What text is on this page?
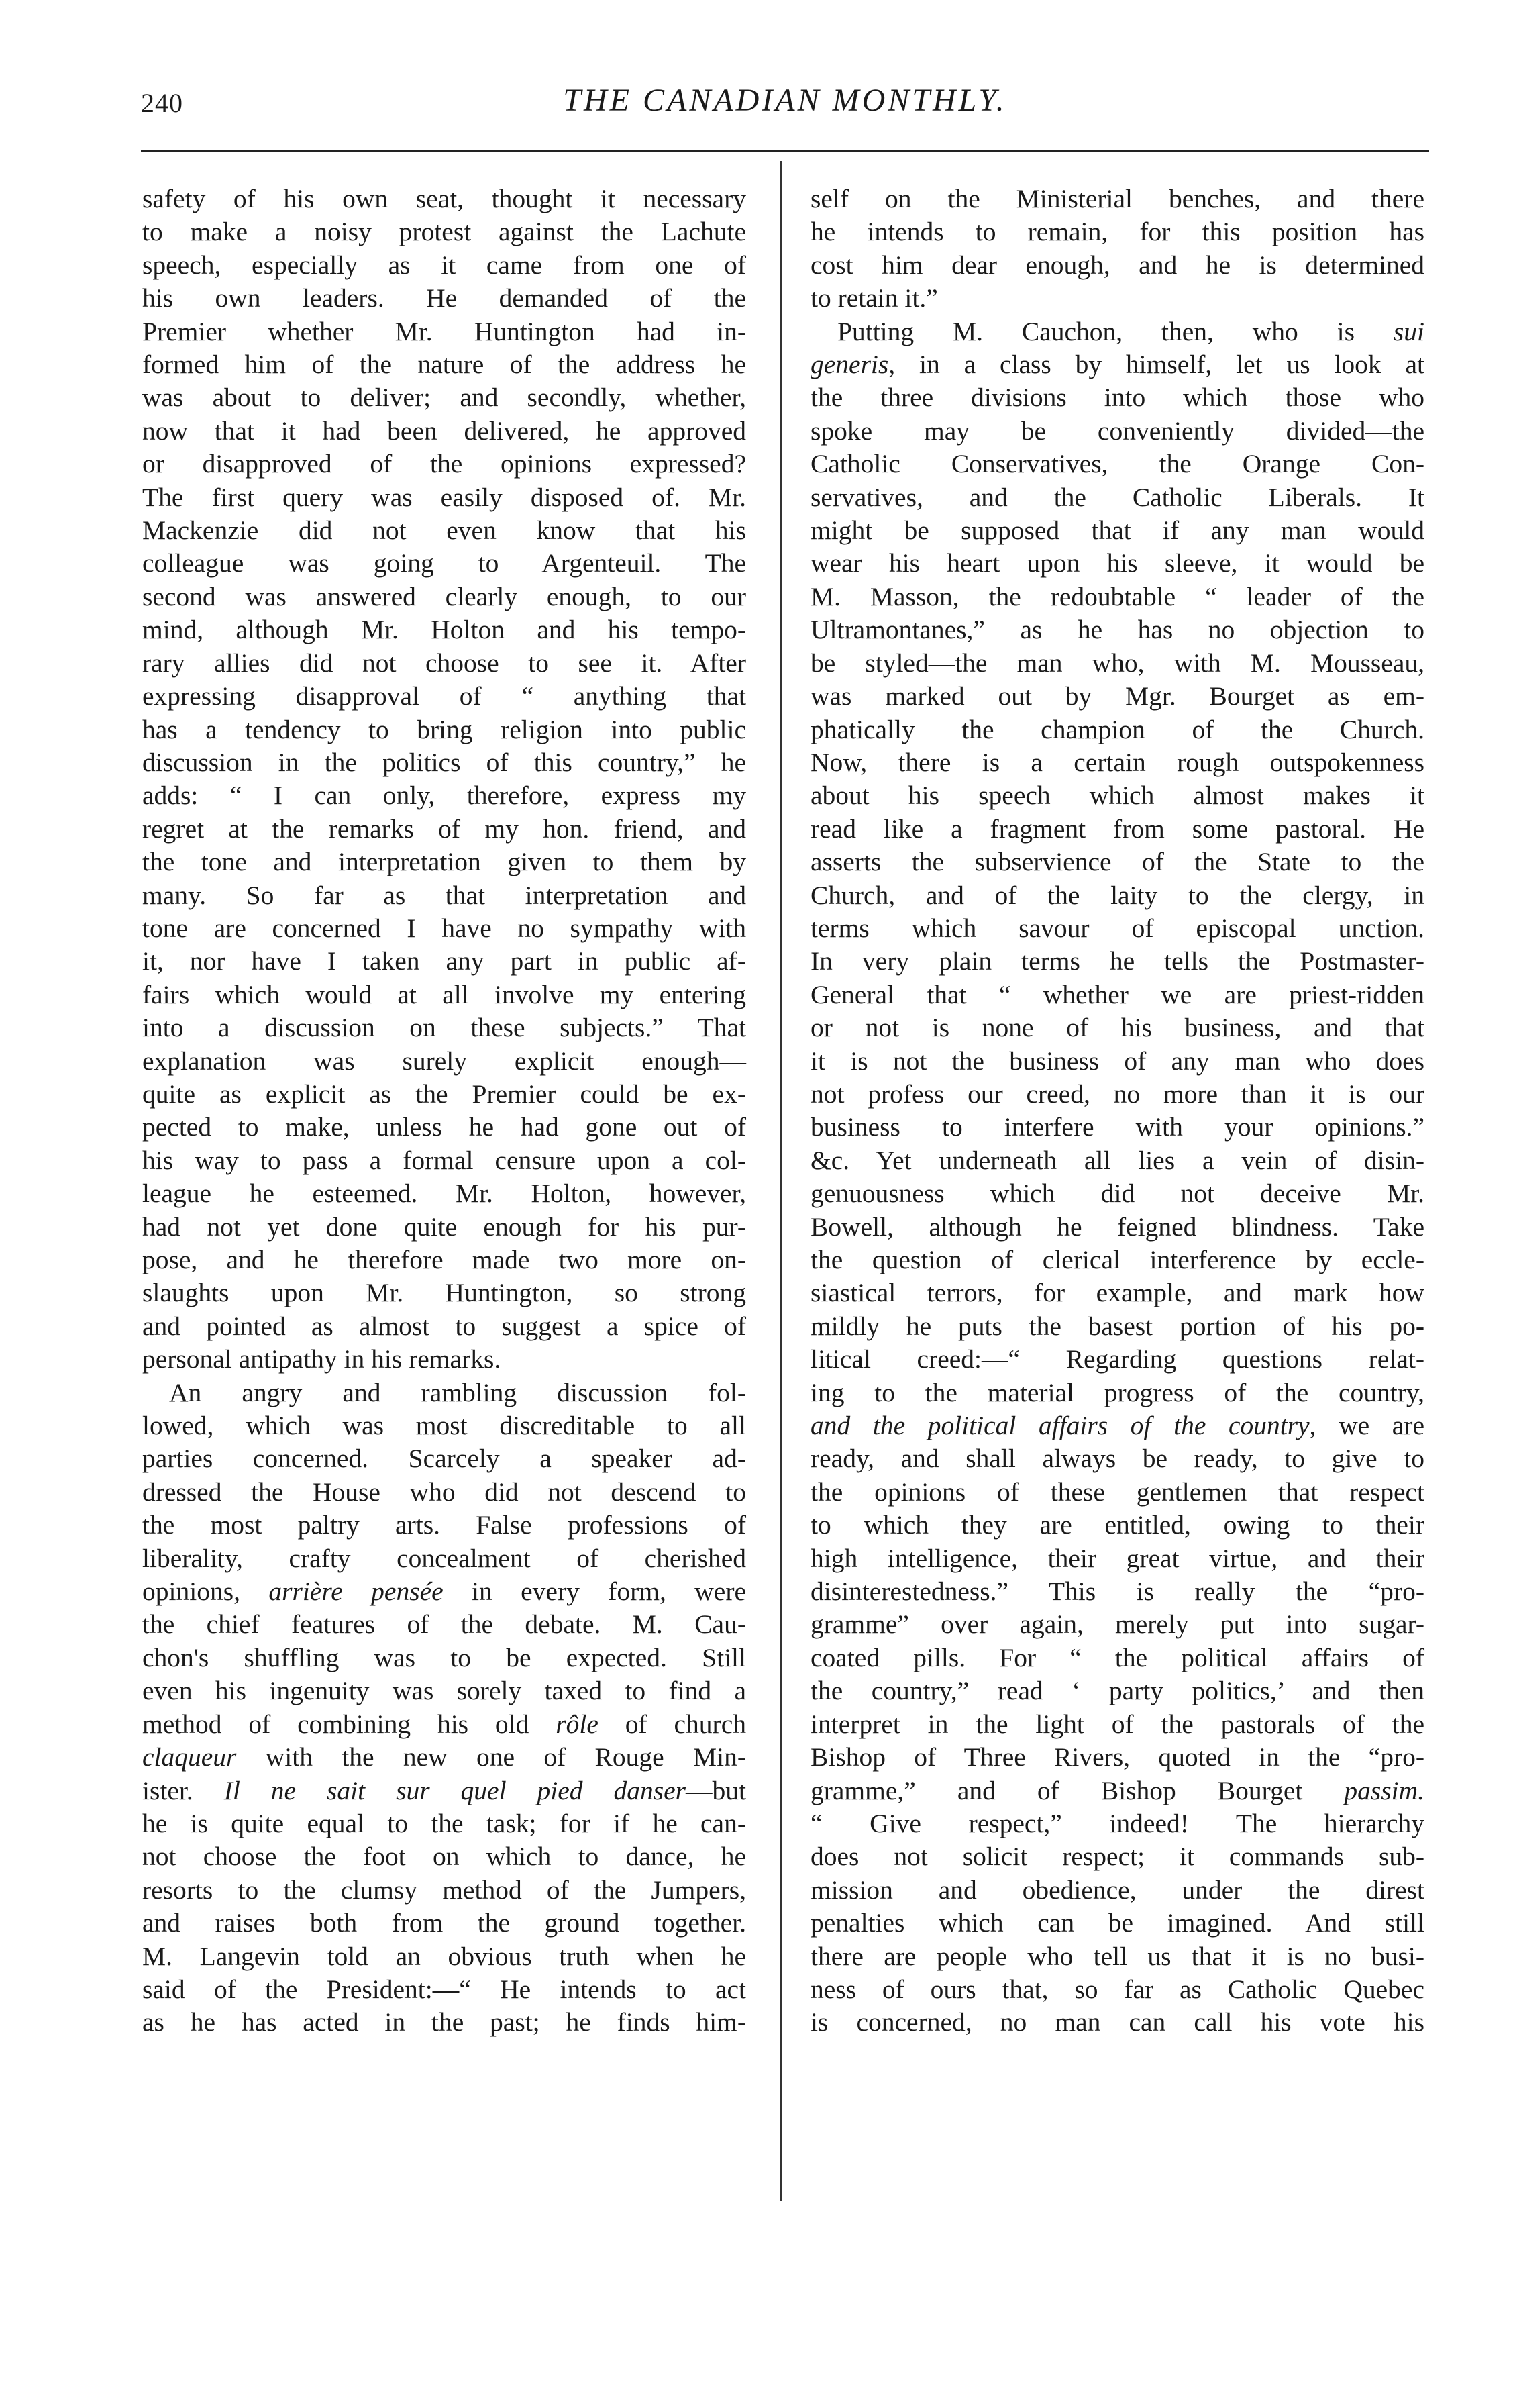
240	THE CANADIAN MONTHLY.

safety of his own seat, thought it necessary
to make a noisy protest against the Lachute
speech, especially as it came from one of
his own leaders. He demanded of the
Premier whether Mr. Huntington had in-
formed him of the nature of the address he
was about to deliver; and secondly, whether,
now that it had been delivered, he approved
or disapproved of the opinions expressed?
The first query was easily disposed of. Mr.
Mackenzie did not even know that his
colleague was going to Argenteuil. The
second was answered clearly enough, to our
mind, although Mr. Holton and his tempo-
rary allies did not choose to see it. After
expressing disapproval of “ anything that
has a tendency to bring religion into public
discussion in the politics of this country,” he
adds: “ I can only, therefore, express my
regret at the remarks of my hon. friend, and
the tone and interpretation given to them by
many. So far as that interpretation and
tone are concerned I have no sympathy with
it, nor have I taken any part in public af-
fairs which would at all involve my entering
into a discussion on these subjects.” That
explanation was surely explicit enough—
quite as explicit as the Premier could be ex-
pected to make, unless he had gone out of
his way to pass a formal censure upon a col-
league he esteemed. Mr. Holton, however,
had not yet done quite enough for his pur-
pose, and he therefore made two more on-
slaughts upon Mr. Huntington, so strong
and pointed as almost to suggest a spice of
personal antipathy in his remarks.

An angry and rambling discussion fol-
lowed, which was most discreditable to all
parties concerned. Scarcely a speaker ad-
dressed the House who did not descend to
the most paltry arts. False professions of
liberality, crafty concealment of cherished
opinions, arrière pensée in every form, were
the chief features of the debate. M. Cau-
chon's shuffling was to be expected. Still
even his ingenuity was sorely taxed to find a
method of combining his old rôle of church
claqueur with the new one of Rouge Min-
ister. Il ne sait sur quel pied danser—but
he is quite equal to the task; for if he can-
not choose the foot on which to dance, he
resorts to the clumsy method of the Jumpers,
and raises both from the ground together.
M. Langevin told an obvious truth when he
said of the President:—“ He intends to act
as he has acted in the past; he finds him-

self on the Ministerial benches, and there
he intends to remain, for this position has
cost him dear enough, and he is determined
to retain it.”

Putting M. Cauchon, then, who is sui
generis, in a class by himself, let us look at
the three divisions into which those who
spoke may be conveniently divided—the
Catholic Conservatives, the Orange Con-
servatives, and the Catholic Liberals. It
might be supposed that if any man would
wear his heart upon his sleeve, it would be
M. Masson, the redoubtable “ leader of the
Ultramontanes,” as he has no objection to
be styled—the man who, with M. Mousseau,
was marked out by Mgr. Bourget as em-
phatically the champion of the Church.
Now, there is a certain rough outspokenness
about his speech which almost makes it
read like a fragment from some pastoral. He
asserts the subservience of the State to the
Church, and of the laity to the clergy, in
terms which savour of episcopal unction.
In very plain terms he tells the Postmaster-
General that “ whether we are priest-ridden
or not is none of his business, and that
it is not the business of any man who does
not profess our creed, no more than it is our
business to interfere with your opinions.”
&c. Yet underneath all lies a vein of disin-
genuousness which did not deceive Mr.
Bowell, although he feigned blindness. Take
the question of clerical interference by eccle-
siastical terrors, for example, and mark how
mildly he puts the basest portion of his po-
litical creed:—“ Regarding questions relat-
ing to the material progress of the country,
and the political affairs of the country, we are
ready, and shall always be ready, to give to
the opinions of these gentlemen that respect
to which they are entitled, owing to their
high intelligence, their great virtue, and their
disinterestedness.” This is really the “pro-
gramme” over again, merely put into sugar-
coated pills. For “ the political affairs of
the country,” read ‘ party politics,’ and then
interpret in the light of the pastorals of the
Bishop of Three Rivers, quoted in the “pro-
gramme,” and of Bishop Bourget passim.
“ Give respect,” indeed! The hierarchy
does not solicit respect; it commands sub-
mission and obedience, under the direst
penalties which can be imagined. And still
there are people who tell us that it is no busi-
ness of ours that, so far as Catholic Quebec
is concerned, no man can call his vote his
